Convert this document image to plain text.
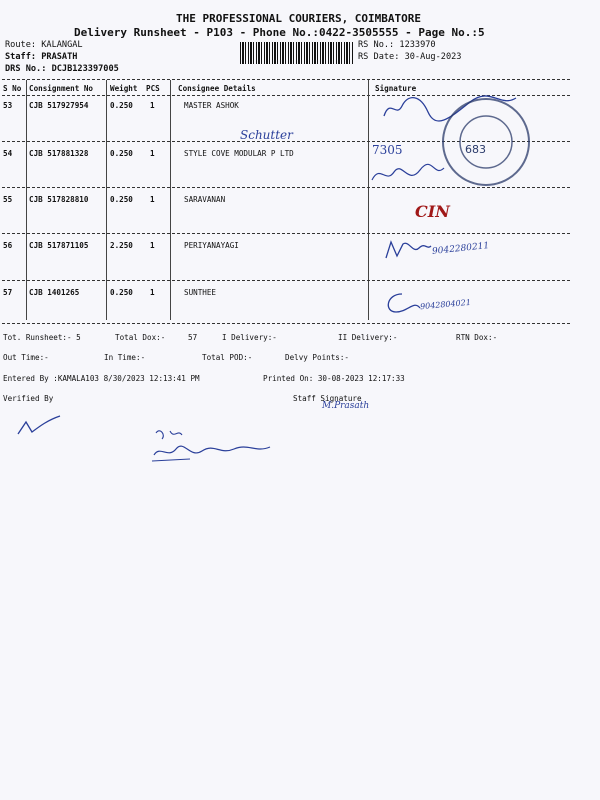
THE PROFESSIONAL COURIERS, COIMBATORE
Delivery Runsheet - P103 - Phone No.:0422-3505555 - Page No.:5
Route: KALANGAL
Staff: PRASATH
DRS No.: DCJB123397005
RS No.: 1233970
RS Date: 30-Aug-2023
S No Consignment No Weight PCS Consignee Details	Signature
53 CJB 517927954	0.250 1	MASTER ASHOK
54 CJB 517881328	0.250 1	STYLE COVE MODULAR P LTD
55 CJB 517828810	0.250 1	SARAVANAN
56 CJB 517871105	2.250 1	PERIYANAYAGI
57 CJB 1401265	0.250 1	SUNTHEE
Schutter
683
7305
CIN
9042280211
9042804021
Tot. Runsheet:- 5	Total Dox:-	57	I Delivery:-	II Delivery:-	RTN Dox:-
Out Time:-	In Time:-	Total POD:-	Delvy Points:-
Entered By :KAMALA103 8/30/2023 12:13:41 PM	Printed On: 30-08-2023 12:17:33
Verified By	Staff Signature
M.Prasath
